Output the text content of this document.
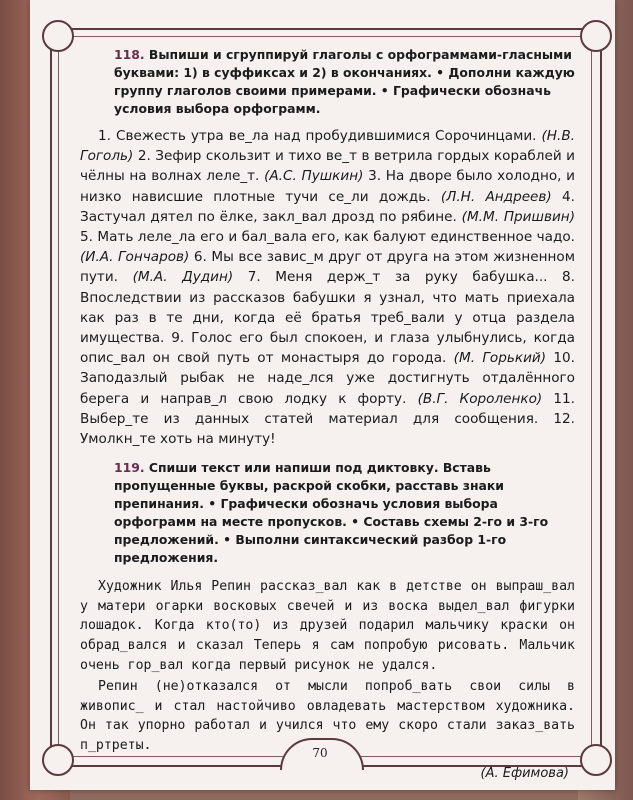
118. Выпиши и сгруппируй глаголы с орфограммами-гласными буквами: 1) в суффиксах и 2) в окончаниях. • Дополни каждую группу глаголов своими примерами. • Графически обозначь условия выбора орфограмм.

1. Свежесть утра ве_ла над пробудившимися Сорочинцами. (Н.В. Гоголь) 2. Зефир скользит и тихо ве_т в ветрила гордых кораблей и чёлны на волнах леле_т. (А.С. Пушкин) 3. На дворе было холодно, и низко нависшие плотные тучи се_ли дождь. (Л.Н. Андреев) 4. Застучал дятел по ёлке, закл_вал дрозд по рябине. (М.М. Пришвин) 5. Мать леле_ла его и бал_вала его, как балуют единственное чадо. (И.А. Гончаров) 6. Мы все завис_м друг от друга на этом жизненном пути. (М.А. Дудин) 7. Меня держ_т за руку бабушка... 8. Впоследствии из рассказов бабушки я узнал, что мать приехала как раз в те дни, когда её братья треб_вали у отца раздела имущества. 9. Голос его был спокоен, и глаза улыбнулись, когда опис_вал он свой путь от монастыря до города. (М. Горький) 10. Заподазлый рыбак не наде_лся уже достигнуть отдалённого берега и направ_л свою лодку к форту. (В.Г. Короленко) 11. Выбер_те из данных статей материал для сообщения. 12. Умолкн_те хоть на минуту!

119. Спиши текст или напиши под диктовку. Вставь пропущенные буквы, раскрой скобки, расставь знаки препинания. • Графически обозначь условия выбора орфограмм на месте пропусков. • Составь схемы 2-го и 3-го предложений. • Выполни синтаксический разбор 1-го предложения.

Художник Илья Репин рассказ_вал как в детстве он выпраш_вал у матери огарки восковых свечей и из воска выдел_вал фигурки лошадок. Когда кто(то) из друзей подарил мальчику краски он обрад_вался и сказал Теперь я сам попробую рисовать. Мальчик очень гор_вал когда первый рисунок не удался.

Репин (не)отказался от мысли попроб_вать свои силы в живопис_ и стал настойчиво овладевать мастерством художника. Он так упорно работал и учился что ему скоро стали заказ_вать п_ртреты.

(А. Ефимова)
70
